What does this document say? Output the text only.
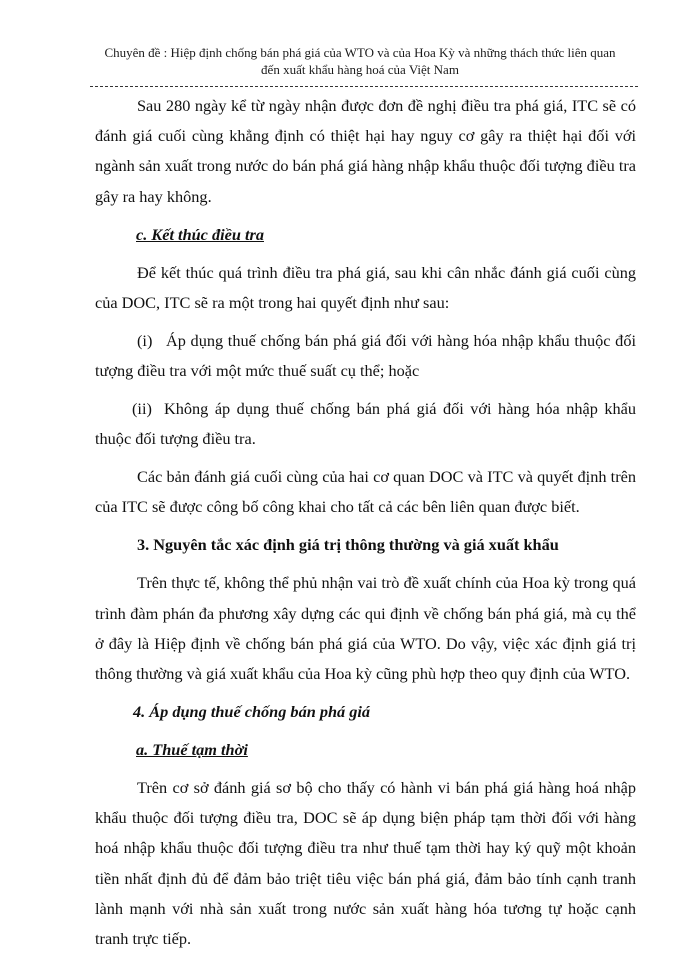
Chuyên đề : Hiệp định chống bán phá giá của WTO và của Hoa Kỳ và những thách thức liên quan
đến xuất khẩu hàng hoá của Việt Nam

Sau 280 ngày kể từ ngày nhận được đơn đề nghị điều tra phá giá, ITC sẽ có đánh giá cuối cùng khẳng định có thiệt hại hay nguy cơ gây ra thiệt hại đối với ngành sản xuất trong nước do bán phá giá hàng nhập khẩu thuộc đối tượng điều tra gây ra hay không.

c. Kết thúc điều tra

Để kết thúc quá trình điều tra phá giá, sau khi cân nhắc đánh giá cuối cùng của DOC, ITC sẽ ra một trong hai quyết định như sau:

(i) Áp dụng thuế chống bán phá giá đối với hàng hóa nhập khẩu thuộc đối tượng điều tra với một mức thuế suất cụ thể; hoặc

(ii) Không áp dụng thuế chống bán phá giá đối với hàng hóa nhập khẩu thuộc đối tượng điều tra.

Các bản đánh giá cuối cùng của hai cơ quan DOC và ITC và quyết định trên của ITC sẽ được công bố công khai cho tất cả các bên liên quan được biết.

3. Nguyên tắc xác định giá trị thông thường và giá xuất khẩu

Trên thực tế, không thể phủ nhận vai trò đề xuất chính của Hoa kỳ trong quá trình đàm phán đa phương xây dựng các qui định về chống bán phá giá, mà cụ thể ở đây là Hiệp định về chống bán phá giá của WTO. Do vậy, việc xác định giá trị thông thường và giá xuất khẩu của Hoa kỳ cũng phù hợp theo quy định của WTO.

4. Áp dụng thuế chống bán phá giá

a. Thuế tạm thời

Trên cơ sở đánh giá sơ bộ cho thấy có hành vi bán phá giá hàng hoá nhập khẩu thuộc đối tượng điều tra, DOC sẽ áp dụng biện pháp tạm thời đối với hàng hoá nhập khẩu thuộc đối tượng điều tra như thuế tạm thời hay ký quỹ một khoản tiền nhất định đủ để đảm bảo triệt tiêu việc bán phá giá, đảm bảo tính cạnh tranh lành mạnh với nhà sản xuất trong nước sản xuất hàng hóa tương tự hoặc cạnh tranh trực tiếp.
